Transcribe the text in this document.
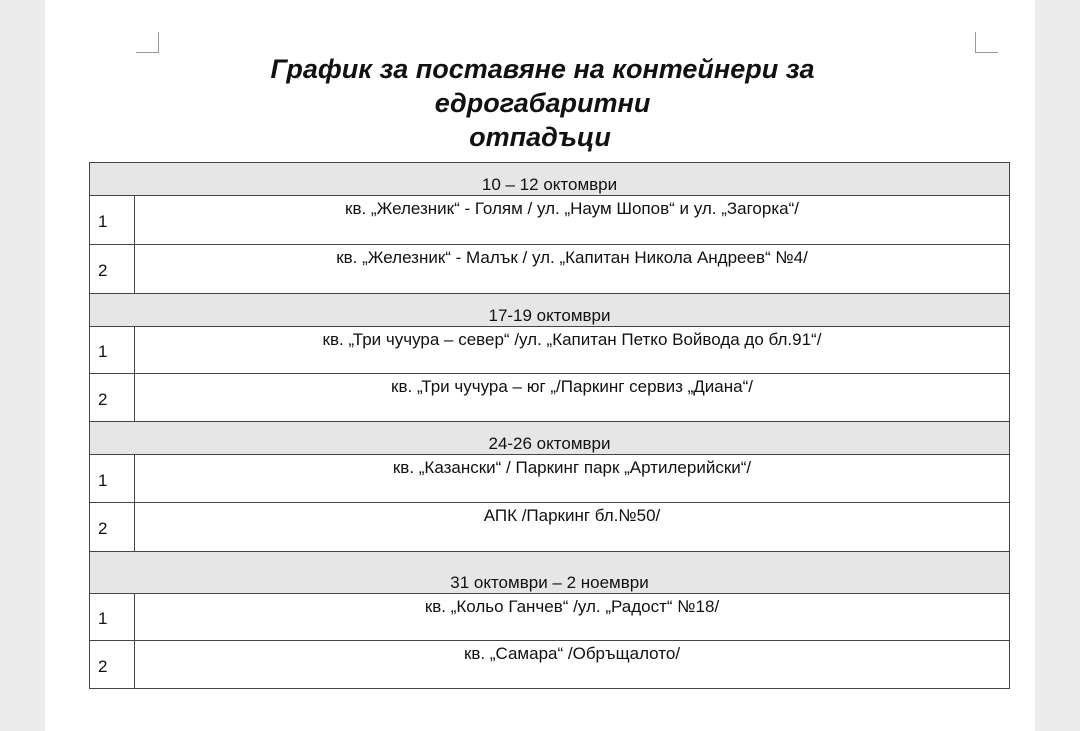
График за поставяне на контейнери за едрогабаритни
отпадъци
10 – 12 октомври	
1	кв. „Железник“ - Голям / ул. „Наум Шопов“ и ул. „Загорка“/
2	кв. „Железник“ - Малък / ул. „Капитан Никола Андреев“ №4/
17-19 октомври	
1	кв. „Три чучура – север“ /ул. „Капитан Петко Войвода до бл.91“/
2	кв. „Три чучура – юг „/Паркинг сервиз „Диана“/
24-26 октомври	
1	кв. „Казански“ / Паркинг парк „Артилерийски“/
2	АПК /Паркинг бл.№50/
31 октомври – 2 ноември	
1	кв. „Кольо Ганчев“ /ул. „Радост“ №18/
2	кв. „Самара“ /Обръщалото/
